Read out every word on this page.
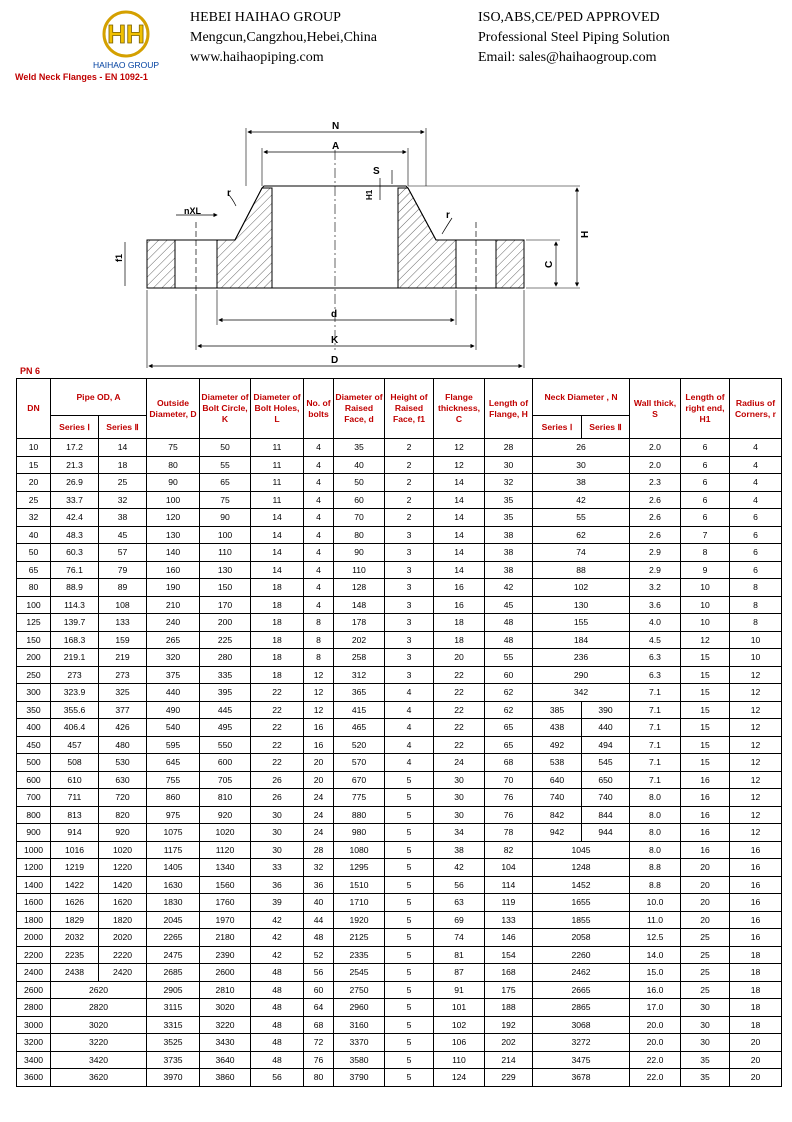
HH
HAIHAO GROUP
HEBEI HAIHAO GROUP
Mengcun,Cangzhou,Hebei,China
www.haihaopiping.com
ISO,ABS,CE/PED APPROVED
Professional Steel Piping Solution
Email: sales@haihaogroup.com
Weld Neck Flanges - EN 1092-1
N
A
S
H1
r
r
nXL
f1
H
C
d
K
D
PN 6
DN	Pipe OD, A		Outside Diameter, D	Diameter of Bolt Circle, K	Diameter of Bolt Holes, L	No. of bolts	Diameter of Raised Face, d	Height of Raised Face, f1	Flange thickness, C	Length of Flange, H	Neck Diameter , N		Wall thick, S	Length of right end, H1	Radius of Corners, r
	Series Ⅰ	Series Ⅱ									Series Ⅰ	Series Ⅱ			
10	17.2	14	75	50	11	4	35	2	12	28	26		2.0	6	4
15	21.3	18	80	55	11	4	40	2	12	30	30		2.0	6	4
20	26.9	25	90	65	11	4	50	2	14	32	38		2.3	6	4
25	33.7	32	100	75	11	4	60	2	14	35	42		2.6	6	4
32	42.4	38	120	90	14	4	70	2	14	35	55		2.6	6	6
40	48.3	45	130	100	14	4	80	3	14	38	62		2.6	7	6
50	60.3	57	140	110	14	4	90	3	14	38	74		2.9	8	6
65	76.1	79	160	130	14	4	110	3	14	38	88		2.9	9	6
80	88.9	89	190	150	18	4	128	3	16	42	102		3.2	10	8
100	114.3	108	210	170	18	4	148	3	16	45	130		3.6	10	8
125	139.7	133	240	200	18	8	178	3	18	48	155		4.0	10	8
150	168.3	159	265	225	18	8	202	3	18	48	184		4.5	12	10
200	219.1	219	320	280	18	8	258	3	20	55	236		6.3	15	10
250	273	273	375	335	18	12	312	3	22	60	290		6.3	15	12
300	323.9	325	440	395	22	12	365	4	22	62	342		7.1	15	12
350	355.6	377	490	445	22	12	415	4	22	62	385	390	7.1	15	12
400	406.4	426	540	495	22	16	465	4	22	65	438	440	7.1	15	12
450	457	480	595	550	22	16	520	4	22	65	492	494	7.1	15	12
500	508	530	645	600	22	20	570	4	24	68	538	545	7.1	15	12
600	610	630	755	705	26	20	670	5	30	70	640	650	7.1	16	12
700	711	720	860	810	26	24	775	5	30	76	740	740	8.0	16	12
800	813	820	975	920	30	24	880	5	30	76	842	844	8.0	16	12
900	914	920	1075	1020	30	24	980	5	34	78	942	944	8.0	16	12
1000	1016	1020	1175	1120	30	28	1080	5	38	82	1045		8.0	16	16
1200	1219	1220	1405	1340	33	32	1295	5	42	104	1248		8.8	20	16
1400	1422	1420	1630	1560	36	36	1510	5	56	114	1452		8.8	20	16
1600	1626	1620	1830	1760	39	40	1710	5	63	119	1655		10.0	20	16
1800	1829	1820	2045	1970	42	44	1920	5	69	133	1855		11.0	20	16
2000	2032	2020	2265	2180	42	48	2125	5	74	146	2058		12.5	25	16
2200	2235	2220	2475	2390	42	52	2335	5	81	154	2260		14.0	25	18
2400	2438	2420	2685	2600	48	56	2545	5	87	168	2462		15.0	25	18
2600	2620		2905	2810	48	60	2750	5	91	175	2665		16.0	25	18
2800	2820		3115	3020	48	64	2960	5	101	188	2865		17.0	30	18
3000	3020		3315	3220	48	68	3160	5	102	192	3068		20.0	30	18
3200	3220		3525	3430	48	72	3370	5	106	202	3272		20.0	30	20
3400	3420		3735	3640	48	76	3580	5	110	214	3475		22.0	35	20
3600	3620		3970	3860	56	80	3790	5	124	229	3678		22.0	35	20
